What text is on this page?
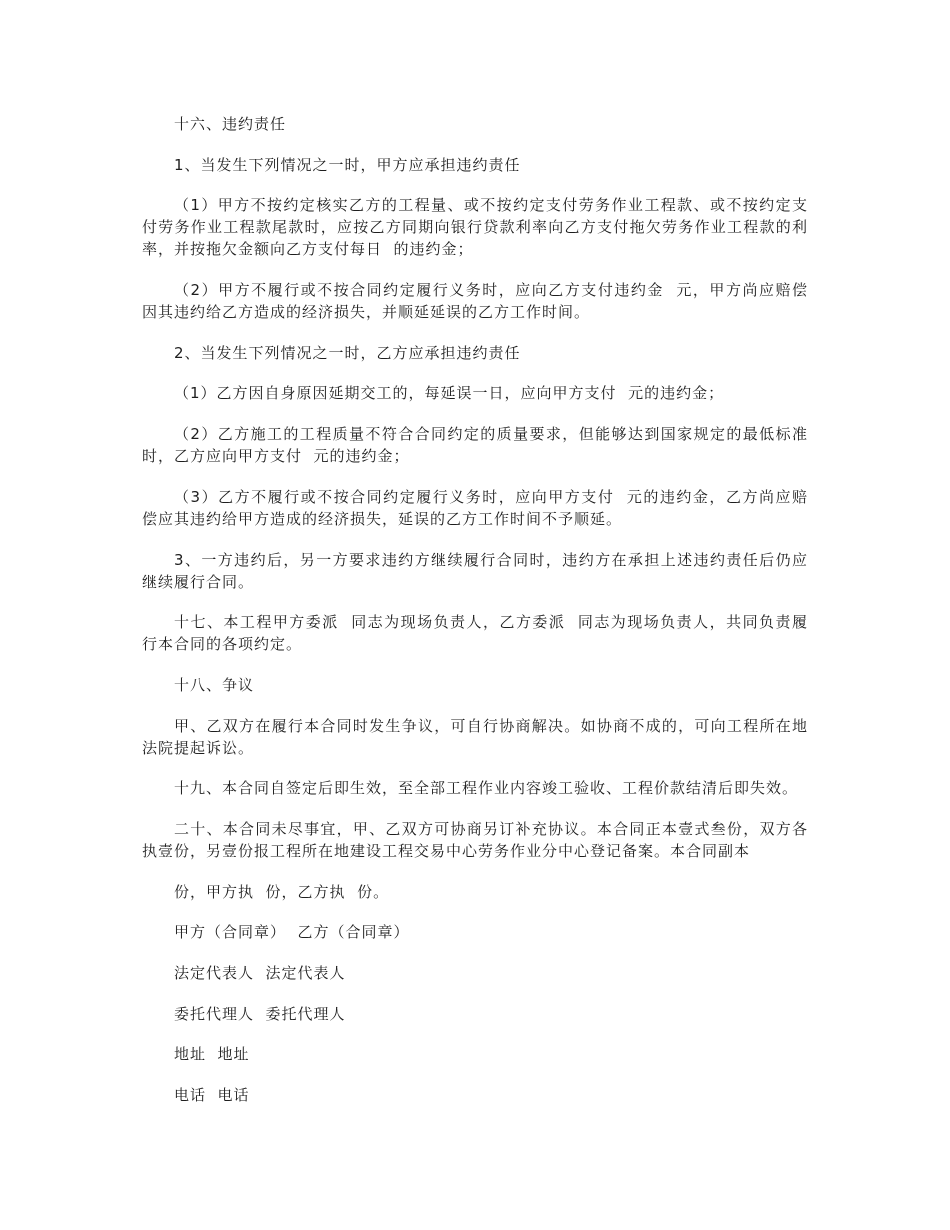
十六、违约责任
1、当发生下列情况之一时，甲方应承担违约责任
（1）甲方不按约定核实乙方的工程量、或不按约定支付劳务作业工程款、或不按约定支
付劳务作业工程款尾款时，应按乙方同期向银行贷款利率向乙方支付拖欠劳务作业工程款的利
率，并按拖欠金额向乙方支付每日  的违约金；
（2）甲方不履行或不按合同约定履行义务时，应向乙方支付违约金  元，甲方尚应赔偿
因其违约给乙方造成的经济损失，并顺延延误的乙方工作时间。
2、当发生下列情况之一时，乙方应承担违约责任
（1）乙方因自身原因延期交工的，每延误一日，应向甲方支付  元的违约金；
（2）乙方施工的工程质量不符合合同约定的质量要求，但能够达到国家规定的最低标准
时，乙方应向甲方支付  元的违约金；
（3）乙方不履行或不按合同约定履行义务时，应向甲方支付  元的违约金，乙方尚应赔
偿应其违约给甲方造成的经济损失，延误的乙方工作时间不予顺延。
3、一方违约后，另一方要求违约方继续履行合同时，违约方在承担上述违约责任后仍应
继续履行合同。
十七、本工程甲方委派  同志为现场负责人，乙方委派  同志为现场负责人，共同负责履
行本合同的各项约定。
十八、争议
甲、乙双方在履行本合同时发生争议，可自行协商解决。如协商不成的，可向工程所在地
法院提起诉讼。
十九、本合同自签定后即生效，至全部工程作业内容竣工验收、工程价款结清后即失效。
二十、本合同未尽事宜，甲、乙双方可协商另订补充协议。本合同正本壹式叁份，双方各
执壹份，另壹份报工程所在地建设工程交易中心劳务作业分中心登记备案。本合同副本
份，甲方执  份，乙方执  份。
甲方（合同章）  乙方（合同章）
法定代表人  法定代表人
委托代理人  委托代理人
地址  地址
电话  电话
